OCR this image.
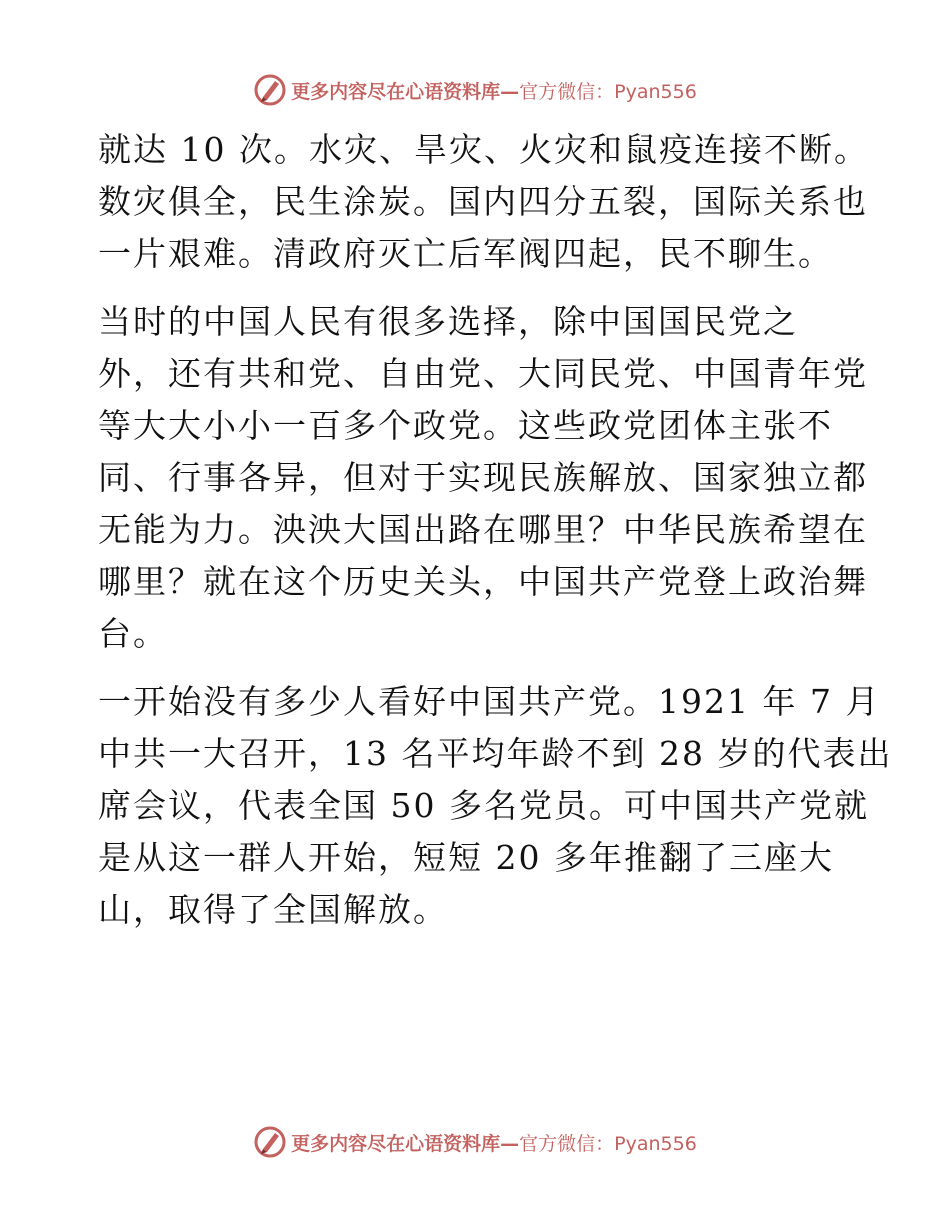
更多内容尽在心语资料库—官方微信：Pyan556

就达 10 次。水灾、旱灾、火灾和鼠疫连接不断。
数灾俱全，民生涂炭。国内四分五裂，国际关系也
一片艰难。清政府灭亡后军阀四起，民不聊生。

当时的中国人民有很多选择，除中国国民党之
外，还有共和党、自由党、大同民党、中国青年党
等大大小小一百多个政党。这些政党团体主张不
同、行事各异，但对于实现民族解放、国家独立都
无能为力。泱泱大国出路在哪里？中华民族希望在
哪里？就在这个历史关头，中国共产党登上政治舞
台。

一开始没有多少人看好中国共产党。1921 年 7 月
中共一大召开，13 名平均年龄不到 28 岁的代表出
席会议，代表全国 50 多名党员。可中国共产党就
是从这一群人开始，短短 20 多年推翻了三座大
山，取得了全国解放。

更多内容尽在心语资料库—官方微信：Pyan556
